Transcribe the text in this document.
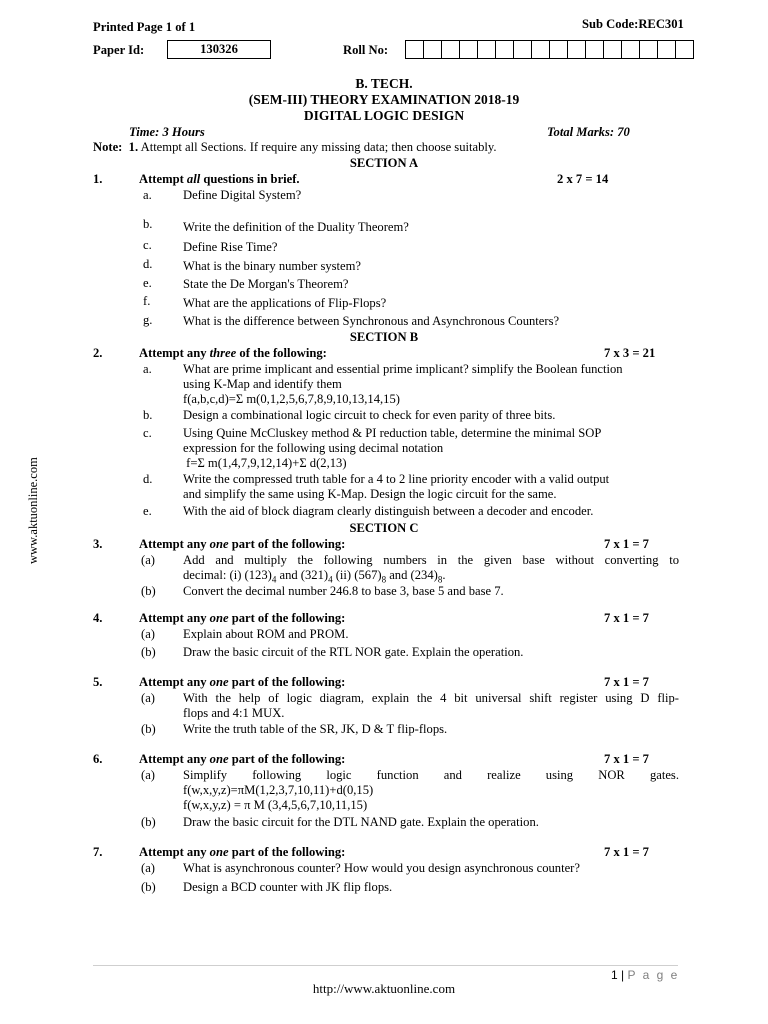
Printed Page 1 of 1	Sub Code:REC301
Paper Id:	130326	Roll No:
B. TECH.
(SEM-III) THEORY EXAMINATION 2018-19
DIGITAL LOGIC DESIGN
Time: 3 Hours	Total Marks: 70
Note: 1. Attempt all Sections. If require any missing data; then choose suitably.
www.aktuonline.com
SECTION A
1.	Attempt all questions in brief.	2 x 7 = 14
a. Define Digital System?
b. Write the definition of the Duality Theorem?
c. Define Rise Time?
d. What is the binary number system?
e. State the De Morgan's Theorem?
f.	What are the applications of Flip-Flops?
g. What is the difference between Synchronous and Asynchronous Counters?
SECTION B
2.	Attempt any three of the following:	7 x 3 = 21
a. What are prime implicant and essential prime implicant? simplify the Boolean function
using K-Map and identify them
f(a,b,c,d)=Σ m(0,1,2,5,6,7,8,9,10,13,14,15)
b. Design a combinational logic circuit to check for even parity of three bits.
c. Using Quine McCluskey method & PI reduction table, determine the minimal SOP
expression for the following using decimal notation
f=Σ m(1,4,7,9,12,14)+Σ d(2,13)
d. Write the compressed truth table for a 4 to 2 line priority encoder with a valid output
and simplify the same using K-Map. Design the logic circuit for the same.
e. With the aid of block diagram clearly distinguish between a decoder and encoder.
SECTION C
3.	Attempt any one part of the following:	7 x 1 = 7
(a) Add and multiply the following numbers in the given base without converting to
decimal: (i) $(123)_4$ and $(321)_4$ (ii) $(567)_8$ and $(234)_8$.
(b) Convert the decimal number 246.8 to base 3, base 5 and base 7.
4.	Attempt any one part of the following:	7 x 1 = 7
(a) Explain about ROM and PROM.
(b) Draw the basic circuit of the RTL NOR gate. Explain the operation.
5.	Attempt any one part of the following:	7 x 1 = 7
(a) With the help of logic diagram, explain the 4 bit universal shift register using D flip-
flops and 4:1 MUX.
(b) Write the truth table of the SR, JK, D & T flip-flops.
6.	Attempt any one part of the following:	7 x 1 = 7
(a) Simplify following logic function and realize using NOR gates.
f(w,x,y,z)=πM(1,2,3,7,10,11)+d(0,15)
f(w,x,y,z) = π M (3,4,5,6,7,10,11,15)
(b) Draw the basic circuit for the DTL NAND gate. Explain the operation.
7.	Attempt any one part of the following:	7 x 1 = 7
(a) What is asynchronous counter? How would you design asynchronous counter?
(b) Design a BCD counter with JK flip flops.
1 | P a g e
http://www.aktuonline.com
